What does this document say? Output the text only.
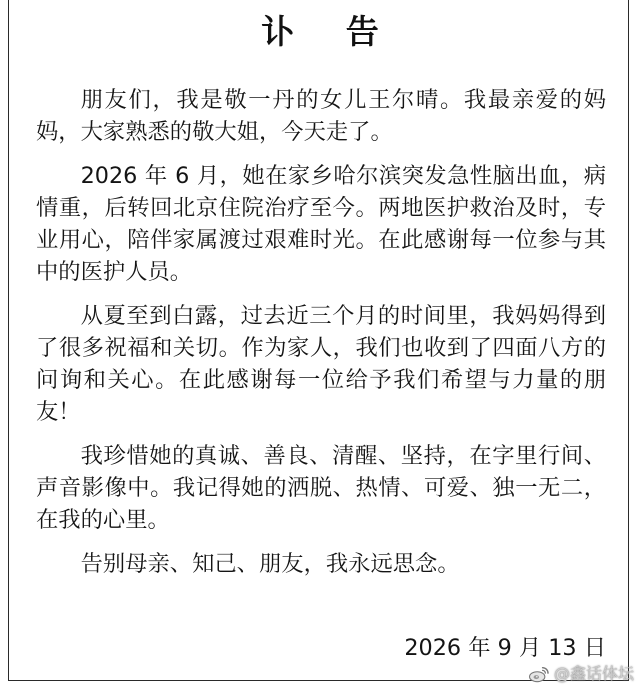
讣 告

朋友们，我是敬一丹的女儿王尔晴。我最亲爱的妈妈，大家熟悉的敬大姐，今天走了。

2026 年 6 月，她在家乡哈尔滨突发急性脑出血，病情重，后转回北京住院治疗至今。两地医护救治及时，专业用心，陪伴家属渡过艰难时光。在此感谢每一位参与其中的医护人员。

从夏至到白露，过去近三个月的时间里，我妈妈得到了很多祝福和关切。作为家人，我们也收到了四面八方的问询和关心。在此感谢每一位给予我们希望与力量的朋友！

我珍惜她的真诚、善良、清醒、坚持，在字里行间、声音影像中。我记得她的洒脱、热情、可爱、独一无二，在我的心里。

告别母亲、知己、朋友，我永远思念。

2026 年 9 月 13 日
@鑫话体坛
